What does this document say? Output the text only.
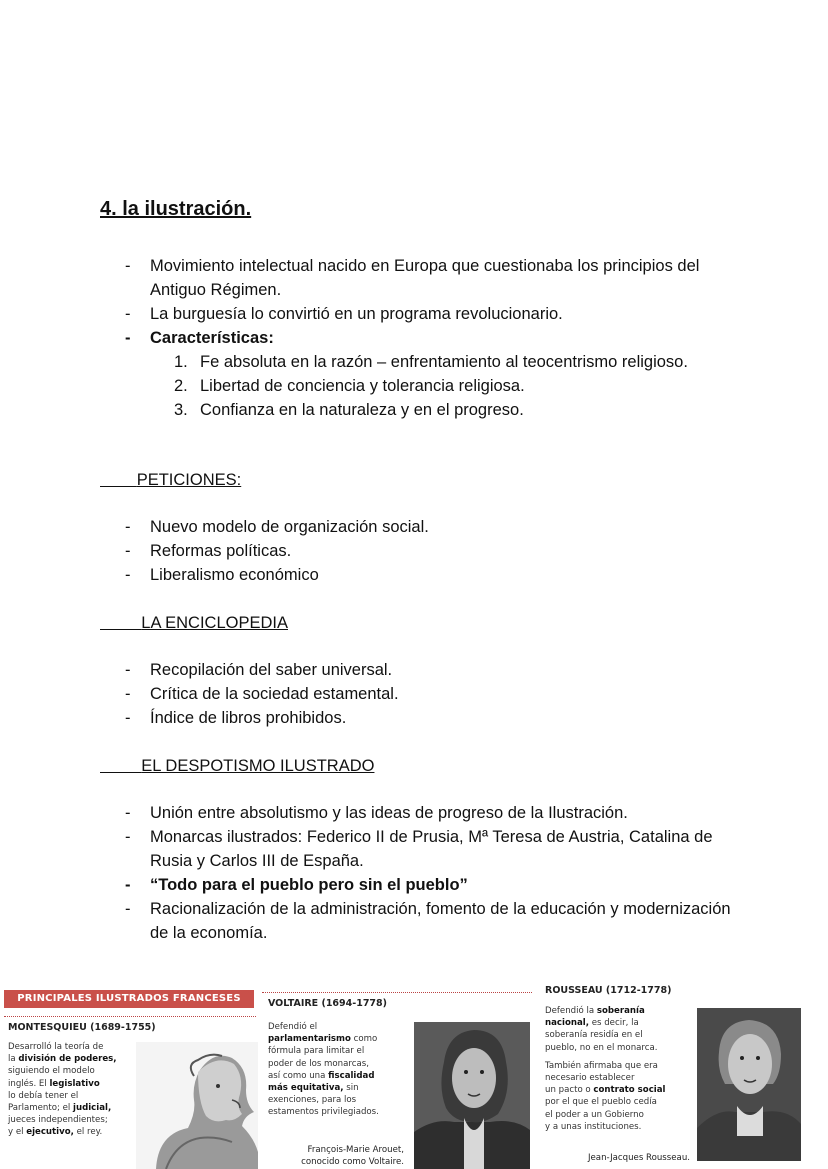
4. la ilustración.
- Movimiento intelectual nacido en Europa que cuestionaba los principios del Antiguo Régimen.
- La burguesía lo convirtió en un programa revolucionario.
- Características:
1. Fe absoluta en la razón – enfrentamiento al teocentrismo religioso.
2. Libertad de conciencia y tolerancia religiosa.
3. Confianza en la naturaleza y en el progreso.
PETICIONES:
- Nuevo modelo de organización social.
- Reformas políticas.
- Liberalismo económico
LA ENCICLOPEDIA
- Recopilación del saber universal.
- Crítica de la sociedad estamental.
- Índice de libros prohibidos.
EL DESPOTISMO ILUSTRADO
- Unión entre absolutismo y las ideas de progreso de la Ilustración.
- Monarcas ilustrados: Federico II de Prusia, Mª Teresa de Austria, Catalina de Rusia y Carlos III de España.
- “Todo para el pueblo pero sin el pueblo”
- Racionalización de la administración, fomento de la educación y modernización de la economía.
PRINCIPALES ILUSTRADOS FRANCESES
MONTESQUIEU (1689-1755)
Desarrolló la teoría de
la división de poderes,
siguiendo el modelo
inglés. El legislativo
lo debía tener el
Parlamento; el judicial,
jueces independientes;
y el ejecutivo, el rey.
VOLTAIRE (1694-1778)
Defendió el
parlamentarismo como
fórmula para limitar el
poder de los monarcas,
así como una fiscalidad
más equitativa, sin
exenciones, para los
estamentos privilegiados.
François-Marie Arouet,
conocido como Voltaire.
ROUSSEAU (1712-1778)
Defendió la soberanía
nacional, es decir, la
soberanía residía en el
pueblo, no en el monarca.

También afirmaba que era
necesario establecer
un pacto o contrato social
por el que el pueblo cedía
el poder a un Gobierno
y a unas instituciones.
Jean-Jacques Rousseau.
